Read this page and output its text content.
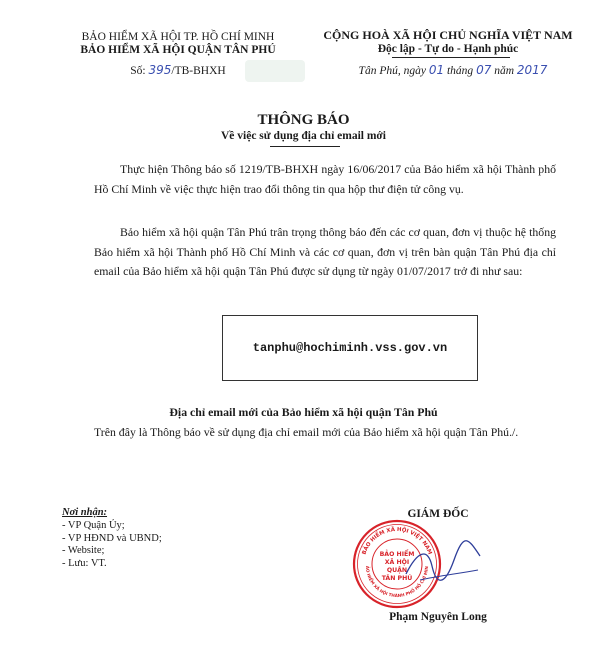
BẢO HIỂM XÃ HỘI TP. HỒ CHÍ MINH
BẢO HIỂM XÃ HỘI QUẬN TÂN PHÚ
Số: 395/TB-BHXH
CỘNG HOÀ XÃ HỘI CHỦ NGHĨA VIỆT NAM
Độc lập - Tự do - Hạnh phúc
Tân Phú, ngày 01 tháng 07 năm 2017
THÔNG BÁO
Về việc sử dụng địa chỉ email mới
Thực hiện Thông báo số 1219/TB-BHXH ngày 16/06/2017 của Bảo hiểm xã hội Thành phố Hồ Chí Minh về việc thực hiện trao đổi thông tin qua hộp thư điện tử công vụ.
Bảo hiểm xã hội quận Tân Phú trân trọng thông báo đến các cơ quan, đơn vị thuộc hệ thống Bảo hiểm xã hội Thành phố Hồ Chí Minh và các cơ quan, đơn vị trên bàn quận Tân Phú địa chỉ email của Bảo hiểm xã hội quận Tân Phú được sử dụng từ ngày 01/07/2017 trở đi như sau:
tanphu@hochiminh.vss.gov.vn
Địa chỉ email mới của Bảo hiểm xã hội quận Tân Phú
Trên đây là Thông báo về sử dụng địa chỉ email mới của Bảo hiểm xã hội quận Tân Phú./.
Nơi nhận:
- VP Quận Ủy;
- VP HĐND và UBND;
- Website;
- Lưu: VT.
GIÁM ĐỐC
BẢO HIỂM XÃ HỘI VIỆT NAM
ẢO HIỂM XÃ HỘI THÀNH PHỐ HỒ CHÍ MIN
BẢO HIỂM
XÃ HỘI
QUẬN
TÂN PHÚ
Phạm Nguyên Long
